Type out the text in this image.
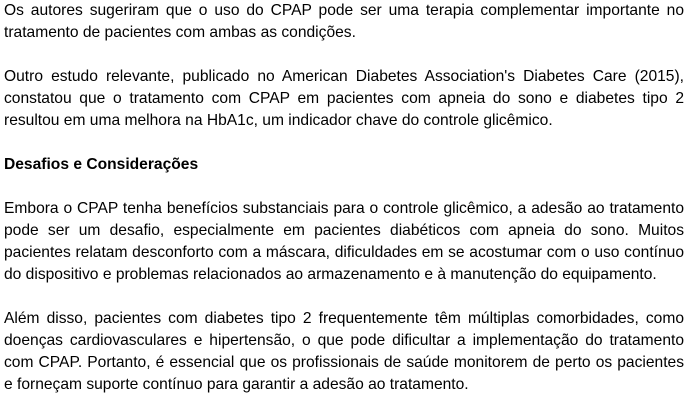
Os autores sugeriram que o uso do CPAP pode ser uma terapia complementar importante no tratamento de pacientes com ambas as condições.

Outro estudo relevante, publicado no American Diabetes Association's Diabetes Care (2015), constatou que o tratamento com CPAP em pacientes com apneia do sono e diabetes tipo 2 resultou em uma melhora na HbA1c, um indicador chave do controle glicêmico.

Desafios e Considerações

Embora o CPAP tenha benefícios substanciais para o controle glicêmico, a adesão ao tratamento pode ser um desafio, especialmente em pacientes diabéticos com apneia do sono. Muitos pacientes relatam desconforto com a máscara, dificuldades em se acostumar com o uso contínuo do dispositivo e problemas relacionados ao armazenamento e à manutenção do equipamento.

Além disso, pacientes com diabetes tipo 2 frequentemente têm múltiplas comorbidades, como doenças cardiovasculares e hipertensão, o que pode dificultar a implementação do tratamento com CPAP. Portanto, é essencial que os profissionais de saúde monitorem de perto os pacientes e forneçam suporte contínuo para garantir a adesão ao tratamento.
